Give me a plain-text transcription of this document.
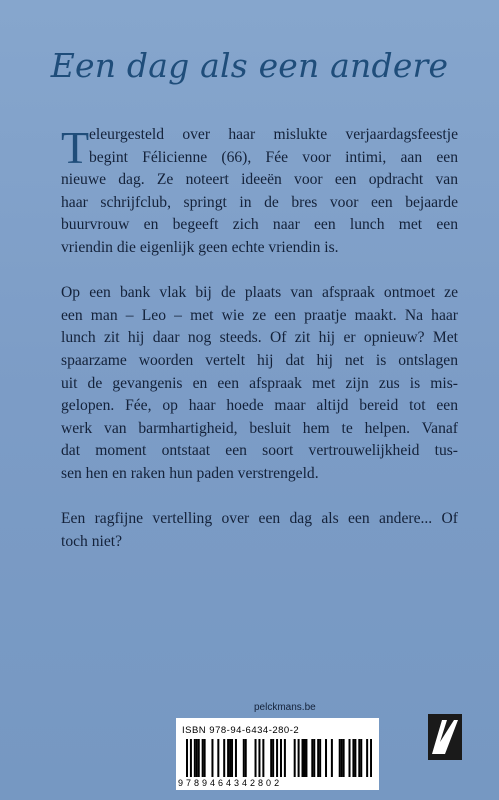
Een dag als een andere
T eleurgesteld over haar mislukte verjaardagsfeestje
begint Félicienne (66), Fée voor intimi, aan een
nieuwe dag. Ze noteert ideeën voor een opdracht van
haar schrijfclub, springt in de bres voor een bejaarde
buurvrouw en begeeft zich naar een lunch met een
vriendin die eigenlijk geen echte vriendin is.
Op een bank vlak bij de plaats van afspraak ontmoet ze
een man – Leo – met wie ze een praatje maakt. Na haar
lunch zit hij daar nog steeds. Of zit hij er opnieuw? Met
spaarzame woorden vertelt hij dat hij net is ontslagen
uit de gevangenis en een afspraak met zijn zus is mis-
gelopen. Fée, op haar hoede maar altijd bereid tot een
werk van barmhartigheid, besluit hem te helpen. Vanaf
dat moment ontstaat een soort vertrouwelijkheid tus-
sen hen en raken hun paden verstrengeld.
Een ragfijne vertelling over een dag als een andere... Of
toch niet?
pelckmans.be
ISBN 978-94-6434-280-2
9789464342802
